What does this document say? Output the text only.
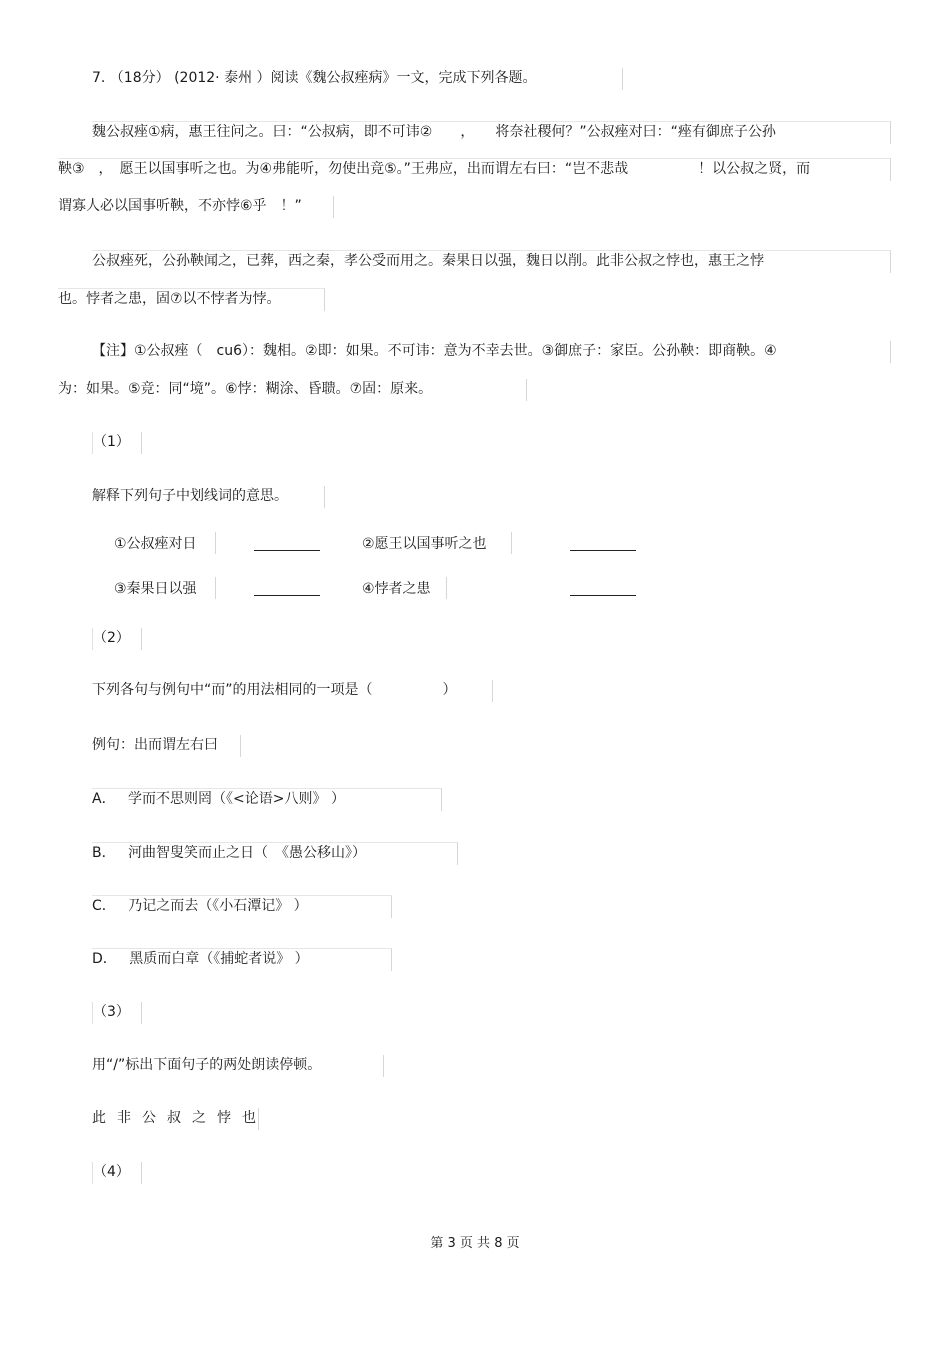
7. （18分） (2012· 泰州 ）阅读《魏公叔痤病》一文，完成下列各题。
魏公叔痤①病，惠王往问之。曰：“公叔病，即不可讳②　　，　　将奈社稷何？”公叔痤对曰：“痤有御庶子公孙
鞅③　，　愿王以国事听之也。为④弗能听，勿使出竞⑤。”王弗应，出而谓左右曰：“岂不悲哉　　　　　！以公叔之贤，而
谓寡人必以国事听鞅，不亦悖⑥乎　！”
公叔痤死，公孙鞅闻之，已葬，西之秦，孝公受而用之。秦果日以强，魏日以削。此非公叔之悖也，惠王之悖
也。悖者之患，固⑦以不悖者为悖。
【注】①公叔痤（　cu6）：魏相。②即：如果。不可讳：意为不幸去世。③御庶子：家臣。公孙鞅：即商鞅。④
为：如果。⑤竞：同“境”。⑥悖：糊涂、昏聩。⑦固：原来。
（1）
解释下列句子中划线词的意思。
①公叔痤对日	②愿王以国事听之也
③秦果日以强	④悖者之患
（2）
下列各句与例句中“而”的用法相同的一项是（　　　　　）
例句：出而谓左右曰
A． 学而不思则罔（《<论语>八则》 ）
B． 河曲智叟笑而止之日（　《愚公移山》）
C． 乃记之而去（《小石潭记》 ）
D． 黑质而白章（《捕蛇者说》 ）
（3）
用“/”标出下面句子的两处朗读停顿。
此非公叔之悖也
（4）
第 3 页 共 8 页
